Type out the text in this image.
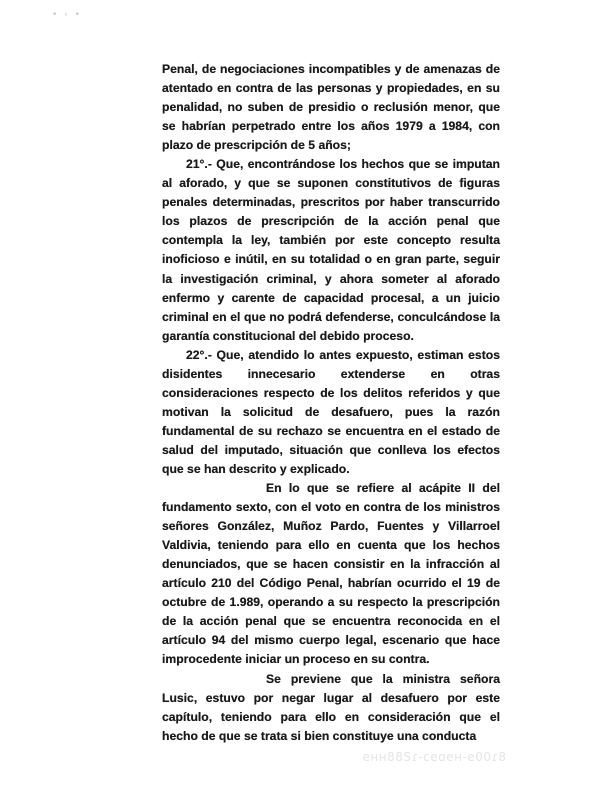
• ‹ •

Penal, de negociaciones incompatibles y de amenazas de atentado en contra de las personas y propiedades, en su penalidad, no suben de presidio o reclusión menor, que se habrían perpetrado entre los años 1979 a 1984, con plazo de prescripción de 5 años;

21°.- Que, encontrándose los hechos que se imputan al aforado, y que se suponen constitutivos de figuras penales determinadas, prescritos por haber transcurrido los plazos de prescripción de la acción penal que contempla la ley, también por este concepto resulta inoficioso e inútil, en su totalidad o en gran parte, seguir la investigación criminal, y ahora someter al aforado enfermo y carente de capacidad procesal, a un juicio criminal en el que no podrá defenderse, conculcándose la garantía constitucional del debido proceso.

22°.- Que, atendido lo antes expuesto, estiman estos disidentes innecesario extenderse en otras consideraciones respecto de los delitos referidos y que motivan la solicitud de desafuero, pues la razón fundamental de su rechazo se encuentra en el estado de salud del imputado, situación que conlleva los efectos que se han descrito y explicado.

En lo que se refiere al acápite II del fundamento sexto, con el voto en contra de los ministros señores González, Muñoz Pardo, Fuentes y Villarroel Valdivia, teniendo para ello en cuenta que los hechos denunciados, que se hacen consistir en la infracción al artículo 210 del Código Penal, habrían ocurrido el 19 de octubre de 1.989, operando a su respecto la prescripción de la acción penal que se encuentra reconocida en el artículo 94 del mismo cuerpo legal, escenario que hace improcedente iniciar un proceso en su contra.

Se previene que la ministra señora Lusic, estuvo por negar lugar al desafuero por este capítulo, teniendo para ello en consideración que el hecho de que se trata si bien constituye una conducta

8ɿ00ɘ-ʜɘɒɘɔ-ɿƧ88ʜʜɘ
